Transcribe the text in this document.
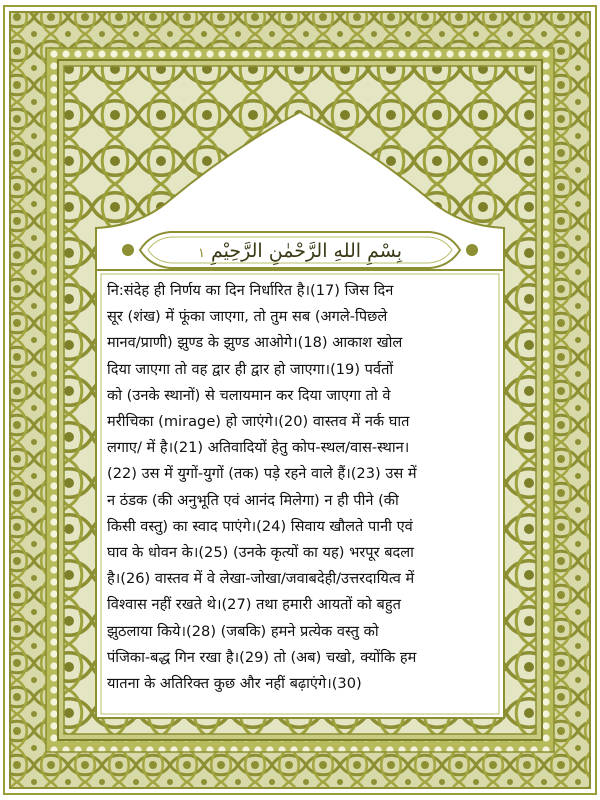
بِسْمِ اللهِ الرَّحْمٰنِ الرَّحِيْمِ ١
नि:संदेह ही निर्णय का दिन निर्धारित है।(17) जिस दिन
सूर (शंख) में फूंका जाएगा, तो तुम सब (अगले-पिछले
मानव/प्राणी) झुण्ड के झुण्ड आओगे।(18) आकाश खोल
दिया जाएगा तो वह द्वार ही द्वार हो जाएगा।(19) पर्वतों
को (उनके स्थानों) से चलायमान कर दिया जाएगा तो वे
मरीचिका (mirage) हो जाएंगे।(20) वास्तव में नर्क घात
लगाए/ में है।(21) अतिवादियों हेतु कोप-स्थल/वास-स्थान।
(22) उस में युगों-युगों (तक) पड़े रहने वाले हैं।(23) उस में
न ठंडक (की अनुभूति एवं आनंद मिलेगा) न ही पीने (की
किसी वस्तु) का स्वाद पाएंगे।(24) सिवाय खौलते पानी एवं
घाव के धोवन के।(25) (उनके कृत्यों का यह) भरपूर बदला
है।(26) वास्तव में वे लेखा-जोखा/जवाबदेही/उत्तरदायित्व में
विश्वास नहीं रखते थे।(27) तथा हमारी आयतों को बहुत
झुठलाया किये।(28) (जबकि) हमने प्रत्येक वस्तु को
पंजिका-बद्ध गिन रखा है।(29) तो (अब) चखो, क्योंकि हम
यातना के अतिरिक्त कुछ और नहीं बढ़ाएंगे।(30)
